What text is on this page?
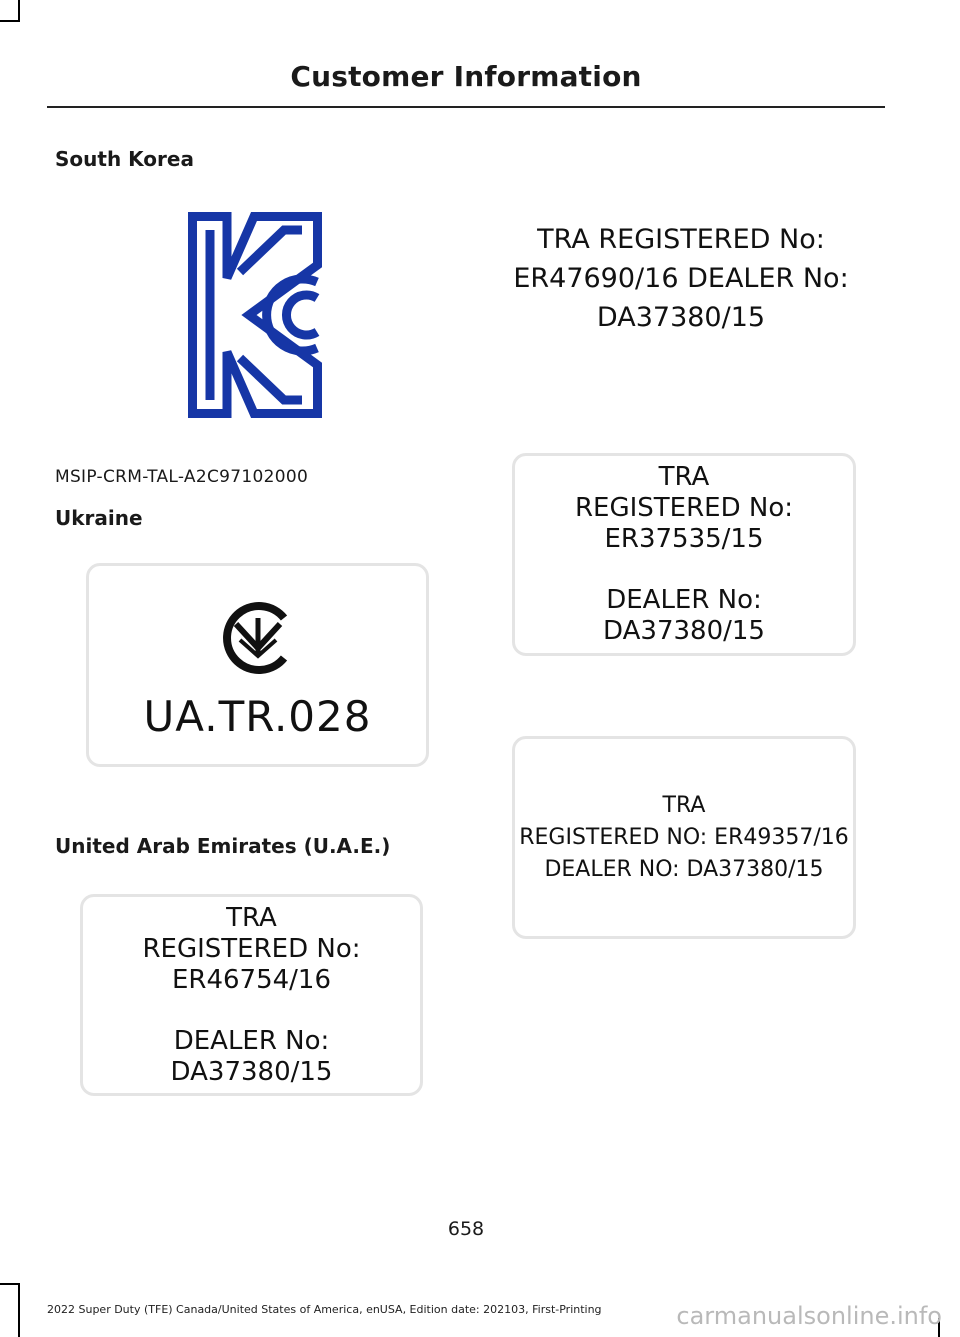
Customer Information
South Korea
MSIP-CRM-TAL-A2C97102000
Ukraine
UA.TR.028
United Arab Emirates (U.A.E.)
TRA
REGISTERED No:
ER46754/16
DEALER No:
DA37380/15
TRA REGISTERED No: ER47690/16 DEALER No: DA37380/15
TRA
REGISTERED No:
ER37535/15
DEALER No:
DA37380/15
TRA
REGISTERED NO: ER49357/16
DEALER NO: DA37380/15
658
2022 Super Duty (TFE) Canada/United States of America, enUSA, Edition date: 202103, First-Printing	carmanualsonline.info
